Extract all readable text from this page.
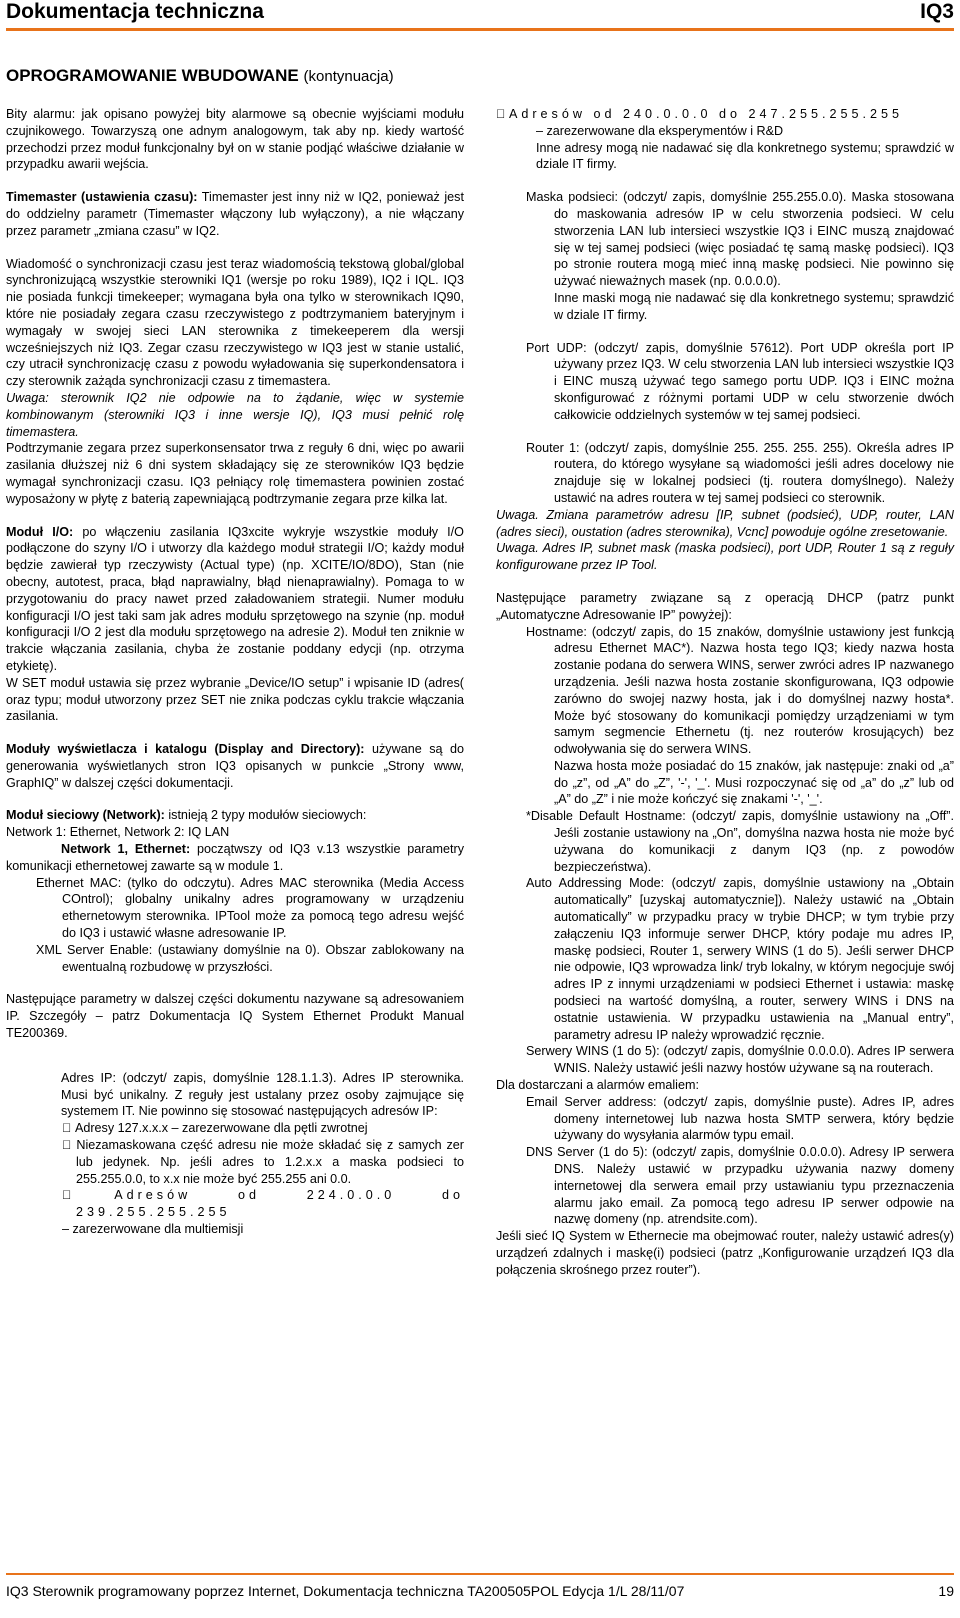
Dokumentacja techniczna	IQ3
OPROGRAMOWANIE WBUDOWANE (kontynuacja)

Bity alarmu: jak opisano powyżej bity alarmowe są obecnie wyjściami modułu czujnikowego. Towarzyszą one adnym analogowym, tak aby np. kiedy wartość przechodzi przez moduł funkcjonalny był on w stanie podjąć właściwe działanie w przypadku awarii wejścia.

Timemaster (ustawienia czasu): Timemaster jest inny niż w IQ2, ponieważ jest do oddzielny parametr (Timemaster włączony lub wyłączony), a nie włączany przez parametr „zmiana czasu” w IQ2.

Wiadomość o synchronizacji czasu jest teraz wiadomością tekstową global/global synchronizującą wszystkie sterowniki IQ1 (wersje po roku 1989), IQ2 i IQL. IQ3 nie posiada funkcji timekeeper; wymagana była ona tylko w sterownikach IQ90, które nie posiadały zegara czasu rzeczywistego z podtrzymaniem bateryjnym i wymagały w swojej sieci LAN sterownika z timekeeperem dla wersji wcześniejszych niż IQ3. Zegar czasu rzeczywistego w IQ3 jest w stanie ustalić, czy utracił synchronizację czasu z powodu wyładowania się superkondensatora i czy sterownik zażąda synchronizacji czasu z timemastera.

Uwaga: sterownik IQ2 nie odpowie na to żądanie, więc w systemie kombinowanym (sterowniki IQ3 i inne wersje IQ), IQ3 musi pełnić rolę timemastera.

Podtrzymanie zegara przez superkonsensator trwa z reguły 6 dni, więc po awarii zasilania dłuższej niż 6 dni system składający się ze sterowników IQ3 będzie wymagał synchronizacji czasu. IQ3 pełniący rolę timemastera powinien zostać wyposażony w płytę z baterią zapewniającą podtrzymanie zegara prze kilka lat.

Moduł I/O: po włączeniu zasilania IQ3xcite wykryje wszystkie moduły I/O podłączone do szyny I/O i utworzy dla każdego moduł strategii I/O; każdy moduł będzie zawierał typ rzeczywisty (Actual type) (np. XCITE/IO/8DO), Stan (nie obecny, autotest, praca, błąd naprawialny, błąd nienaprawialny). Pomaga to w przygotowaniu do pracy nawet przed załadowaniem strategii. Numer modułu konfiguracji I/O jest taki sam jak adres modułu sprzętowego na szynie (np. moduł konfiguracji I/O 2 jest dla modułu sprzętowego na adresie 2). Moduł ten zniknie w trakcie włączania zasilania, chyba że zostanie poddany edycji (np. otrzyma etykietę).

W SET moduł ustawia się przez wybranie „Device/IO setup” i wpisanie ID (adres( oraz typu; moduł utworzony przez SET nie znika podczas cyklu trakcie włączania zasilania.

Moduły wyświetlacza i katalogu (Display and Directory): używane są do generowania wyświetlanych stron IQ3 opisanych w punkcie „Strony www, GraphIQ” w dalszej części dokumentacji.

Moduł sieciowy (Network): istnieją 2 typy modułów sieciowych:

Network 1: Ethernet, Network 2: IQ LAN

Network 1, Ethernet: początwszy od IQ3 v.13 wszystkie parametry komunikacji ethernetowej zawarte są w module 1.

Ethernet MAC: (tylko do odczytu). Adres MAC sterownika (Media Access COntrol); globalny unikalny adres programowany w urządzeniu ethernetowym sterownika. IPTool może za pomocą tego adresu wejść do IQ3 i ustawić własne adresowanie IP.

XML Server Enable: (ustawiany domyślnie na 0). Obszar zablokowany na ewentualną rozbudowę w przyszłości.

Następujące parametry w dalszej części dokumentu nazywane są adresowaniem IP. Szczegóły – patrz Dokumentacja IQ System Ethernet Produkt Manual TE200369.

Adres IP: (odczyt/ zapis, domyślnie 128.1.1.3). Adres IP sterownika. Musi być unikalny. Z reguły jest ustalany przez osoby zajmujące się systemem IT. Nie powinno się stosować następujących adresów IP:

Adresy 127.x.x.x – zarezerwowane dla pętli zwrotnej
Niezamaskowana część adresu nie może składać się z samych zer lub jedynek. Np. jeśli adres to 1.2.x.x a maska podsieci to 255.255.0.0, to x.x nie może być 255.255 ani 0.0.
Adresów od 224.0.0.0 do 239.255.255.255
– zarezerwowane dla multiemisji
Adresów od 240.0.0.0 do 247.255.255.255

– zarezerwowane dla eksperymentów i R&D

Inne adresy mogą nie nadawać się dla konkretnego systemu; sprawdzić w dziale IT firmy.

Maska podsieci: (odczyt/ zapis, domyślnie 255.255.0.0). Maska stosowana do maskowania adresów IP w celu stworzenia podsieci. W celu stworzenia LAN lub intersieci wszystkie IQ3 i EINC muszą znajdować się w tej samej podsieci (więc posiadać tę samą maskę podsieci). IQ3 po stronie routera mogą mieć inną maskę podsieci. Nie powinno się używać nieważnych masek (np. 0.0.0.0).

Inne maski mogą nie nadawać się dla konkretnego systemu; sprawdzić w dziale IT firmy.

Port UDP: (odczyt/ zapis, domyślnie 57612). Port UDP określa port IP używany przez IQ3. W celu stworzenia LAN lub intersieci wszystkie IQ3 i EINC muszą używać tego samego portu UDP. IQ3 i EINC można skonfigurować z różnymi portami UDP w celu stworzenie dwóch całkowicie oddzielnych systemów w tej samej podsieci.

Router 1: (odczyt/ zapis, domyślnie 255. 255. 255. 255). Określa adres IP routera, do którego wysyłane są wiadomości jeśli adres docelowy nie znajduje się w lokalnej podsieci (tj. routera domyślnego). Należy ustawić na adres routera w tej samej podsieci co sterownik.

Uwaga. Zmiana parametrów adresu [IP, subnet (podsieć), UDP, router, LAN (adres sieci), oustation (adres sterownika), Vcnc] powoduje ogólne zresetowanie.

Uwaga. Adres IP, subnet mask (maska podsieci), port UDP, Router 1 są z reguły konfigurowane przez IP Tool.

Następujące parametry związane są z operacją DHCP (patrz punkt „Automatyczne Adresowanie IP” powyżej):

Hostname: (odczyt/ zapis, do 15 znaków, domyślnie ustawiony jest funkcją adresu Ethernet MAC*). Nazwa hosta tego IQ3; kiedy nazwa hosta zostanie podana do serwera WINS, serwer zwróci adres IP nazwanego urządzenia. Jeśli nazwa hosta zostanie skonfigurowana, IQ3 odpowie zarówno do swojej nazwy hosta, jak i do domyślnej nazwy hosta*. Może być stosowany do komunikacji pomiędzy urządzeniami w tym samym segmencie Ethernetu (tj. nez routerów krosujących) bez odwoływania się do serwera WINS.

Nazwa hosta może posiadać do 15 znaków, jak następuje: znaki od „a” do „z”, od „A” do „Z”, '-', '_'. Musi rozpoczynać się od „a” do „z” lub od „A” do „Z” i nie może kończyć się znakami '-', '_'.

*Disable Default Hostname: (odczyt/ zapis, domyślnie ustawiony na „Off”. Jeśli zostanie ustawiony na „On”, domyślna nazwa hosta nie może być używana do komunikacji z danym IQ3 (np. z powodów bezpieczeństwa).

Auto Addressing Mode: (odczyt/ zapis, domyślnie ustawiony na „Obtain automatically” [uzyskaj automatycznie]). Należy ustawić na „Obtain automatically” w przypadku pracy w trybie DHCP; w tym trybie przy załączeniu IQ3 informuje serwer DHCP, który podaje mu adres IP, maskę podsieci, Router 1, serwery WINS (1 do 5). Jeśli serwer DHCP nie odpowie, IQ3 wprowadza link/ tryb lokalny, w którym negocjuje swój adres IP z innymi urządzeniami w podsieci Ethernet i ustawia: maskę podsieci na wartość domyślną, a router, serwery WINS i DNS na ostatnie ustawienia. W przypadku ustawienia na „Manual entry”, parametry adresu IP należy wprowadzić ręcznie.

Serwery WINS (1 do 5): (odczyt/ zapis, domyślnie 0.0.0.0). Adres IP serwera WNIS. Należy ustawić jeśli nazwy hostów używane są na routerach.

Dla dostarczani a alarmów emaliem:

Email Server address: (odczyt/ zapis, domyślnie puste). Adres IP, adres domeny internetowej lub nazwa hosta SMTP serwera, który będzie używany do wysyłania alarmów typu email.

DNS Server (1 do 5): (odczyt/ zapis, domyślnie 0.0.0.0). Adresy IP serwera DNS. Należy ustawić w przypadku używania nazwy domeny internetowej dla serwera email przy ustawianiu typu przeznaczenia alarmu jako email. Za pomocą tego adresu IP serwer odpowie na nazwę domeny (np. atrendsite.com).

Jeśli sieć IQ System w Ethernecie ma obejmować router, należy ustawić adres(y) urządzeń zdalnych i maskę(i) podsieci (patrz „Konfigurowanie urządzeń IQ3 dla połączenia skrośnego przez router”).

IQ3 Sterownik programowany poprzez Internet, Dokumentacja techniczna TA200505POL Edycja 1/L 28/11/07	19
